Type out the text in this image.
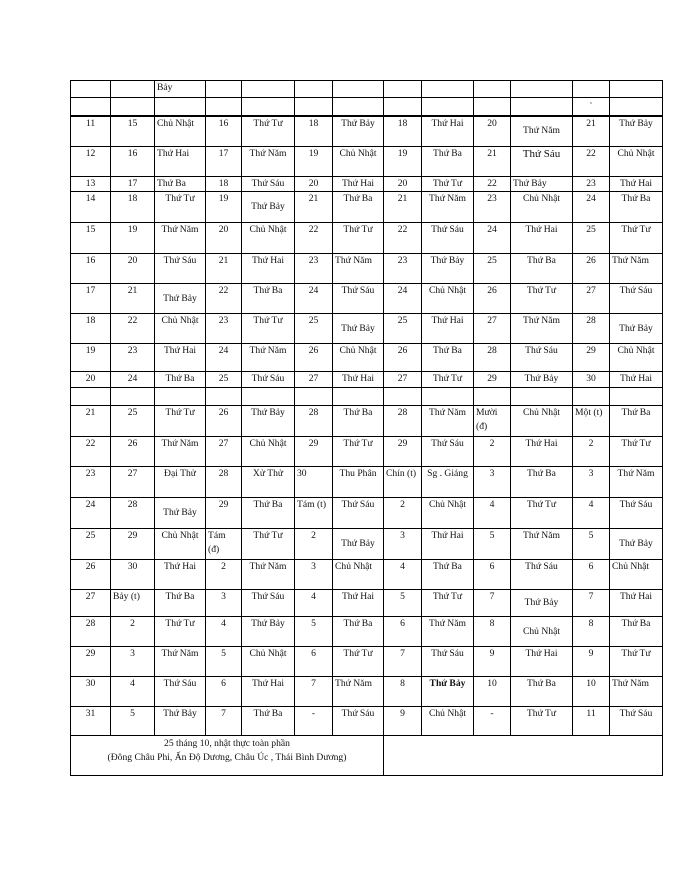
		Bảy											
											°		
11	15	Chủ Nhật	16	Thứ Tư	18	Thứ Bảy	18	Thứ Hai	20	Thứ Năm	21	Thứ Bảy	
12	16	Thứ Hai	17	Thứ Năm	19	Chủ Nhật	19	Thứ Ba	21	Thứ Sáu	22	Chủ Nhật	
13	17	Thứ Ba	18	Thứ Sáu	20	Thứ Hai	20	Thứ Tư	22	Thứ Bảy	23	Thứ Hai	
14	18	Thứ Tư	19	Thứ Bảy	21	Thứ Ba	21	Thứ Năm	23	Chủ Nhật	24	Thứ Ba	
15	19	Thứ Năm	20	Chủ Nhật	22	Thứ Tư	22	Thứ Sáu	24	Thứ Hai	25	Thứ Tư	
16	20	Thứ Sáu	21	Thứ Hai	23	Thứ Năm	23	Thứ Bảy	25	Thứ Ba	26	Thứ Năm	
17	21	Thứ Bảy	22	Thứ Ba	24	Thứ Sáu	24	Chủ Nhật	26	Thứ Tư	27	Thứ Sáu	
18	22	Chủ Nhật	23	Thứ Tư	25	Thứ Bảy	25	Thứ Hai	27	Thứ Năm	28	Thứ Bảy	
19	23	Thứ Hai	24	Thứ Năm	26	Chủ Nhật	26	Thứ Ba	28	Thứ Sáu	29	Chủ Nhật	
20	24	Thứ Ba	25	Thứ Sáu	27	Thứ Hai	27	Thứ Tư	29	Thứ Bảy	30	Thứ Hai	

21	25	Thứ Tư	26	Thứ Bảy	28	Thứ Ba	28	Thứ Năm	Mười (đ)	Chủ Nhật	Một (t)	Thứ Ba	
22	26	Thứ Năm	27	Chủ Nhật	29	Thứ Tư	29	Thứ Sáu	2	Thứ Hai	2	Thứ Tư	
23	27	Đại Thử	28	Xử Thử	30	Thu Phân	Chín (t)	Sg . Giáng	3	Thứ Ba	3	Thứ Năm	
24	28	Thứ Bảy	29	Thứ Ba	Tám (t)	Thứ Sáu	2	Chủ Nhật	4	Thứ Tư	4	Thứ Sáu	
25	29	Chủ Nhật	Tám (đ)	Thứ Tư	2	Thứ Bảy	3	Thứ Hai	5	Thứ Năm	5	Thứ Bảy	
26	30	Thứ Hai	2	Thứ Năm	3	Chủ Nhật	4	Thứ Ba	6	Thứ Sáu	6	Chủ Nhật	
27	Bảy (t)	Thứ Ba	3	Thứ Sáu	4	Thứ Hai	5	Thứ Tư	7	Thứ Bảy	7	Thứ Hai	
28	2	Thứ Tư	4	Thứ Bảy	5	Thứ Ba	6	Thứ Năm	8	Chủ Nhật	8	Thứ Ba	
29	3	Thứ Năm	5	Chủ Nhật	6	Thứ Tư	7	Thứ Sáu	9	Thứ Hai	9	Thứ Tư	
30	4	Thứ Sáu	6	Thứ Hai	7	Thứ Năm	8	Thứ Bảy	10	Thứ Ba	10	Thứ Năm	
31	5	Thứ Bảy	7	Thứ Ba	-	Thứ Sáu	9	Chủ Nhật	-	Thứ Tư	11	Thứ Sáu	

25 tháng 10, nhật thực toàn phần
(Đông Châu Phi, Ấn Độ Dương, Châu Úc , Thái Bình Dương)													
